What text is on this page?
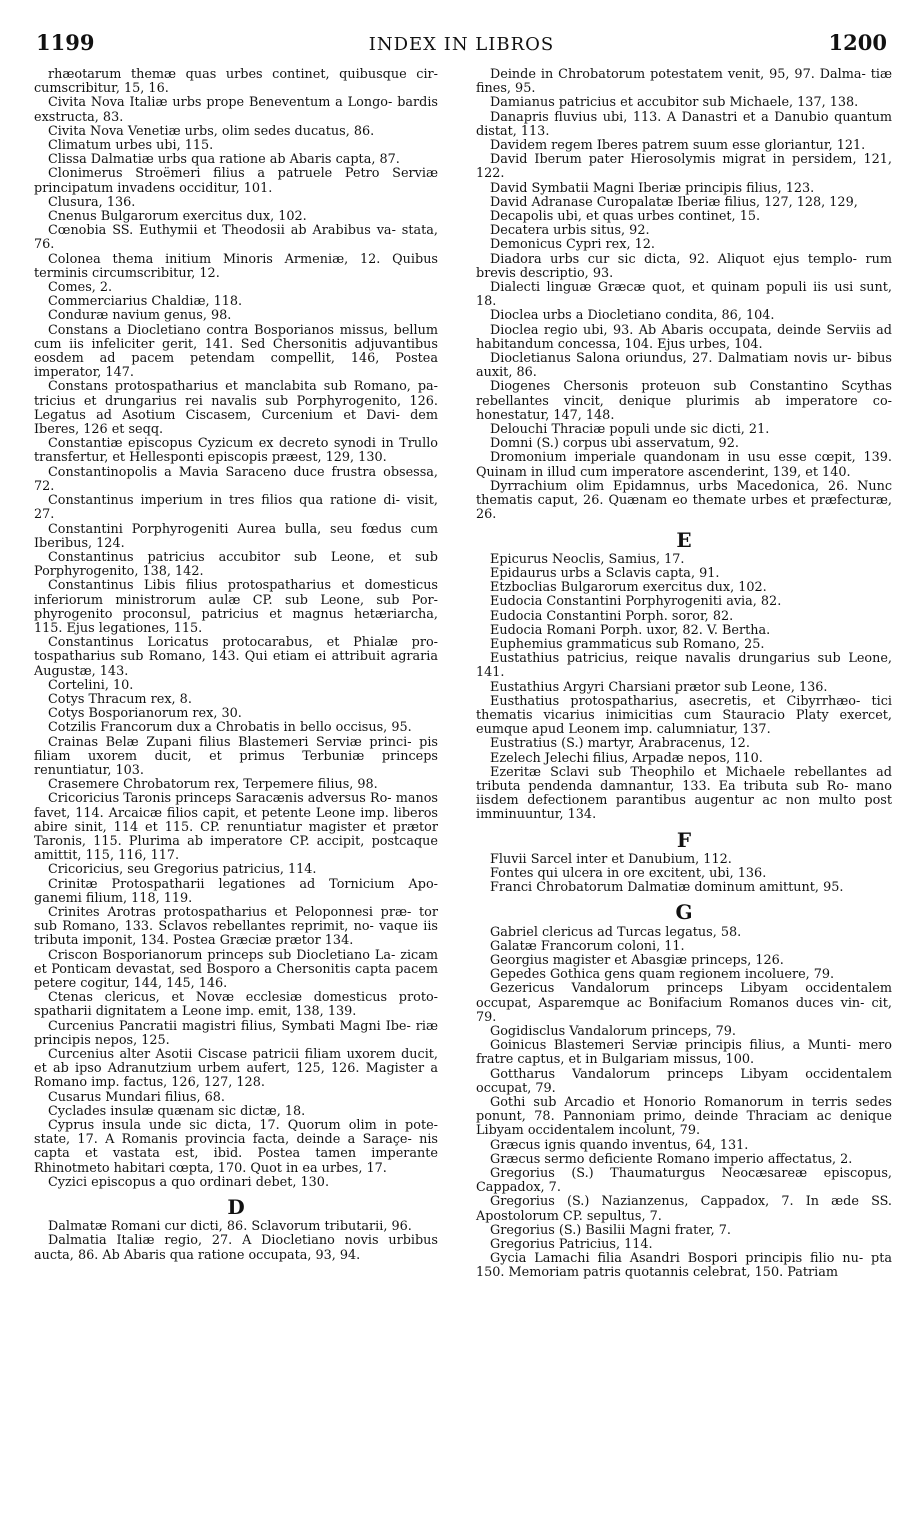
1199	INDEX IN LIBROS	1200

rhæotarum themæ quas urbes continet, quibusque cir- cumscribitur, 15, 16.

Civita Nova Italiæ urbs prope Beneventum a Longo- bardis exstructa, 83.

Civita Nova Venetiæ urbs, olim sedes ducatus, 86.

Climatum urbes ubi, 115.

Clissa Dalmatiæ urbs qua ratione ab Abaris capta, 87.

Clonimerus Stroëmeri filius a patruele Petro Serviæ principatum invadens occiditur, 101.

Clusura, 136.

Cnenus Bulgarorum exercitus dux, 102.

Cœnobia SS. Euthymii et Theodosii ab Arabibus va- stata, 76.

Colonea thema initium Minoris Armeniæ, 12. Quibus terminis circumscribitur, 12.

Comes, 2.

Commerciarius Chaldiæ, 118.

Conduræ navium genus, 98.

Constans a Diocletiano contra Bosporianos missus, bellum cum iis infeliciter gerit, 141. Sed Chersonitis adjuvantibus eosdem ad pacem petendam compellit, 146, Postea imperator, 147.

Constans protospatharius et manclabita sub Romano, pa- tricius et drungarius rei navalis sub Porphyrogenito, 126. Legatus ad Asotium Ciscasem, Curcenium et Davi- dem Iberes, 126 et seqq.

Constantiæ episcopus Cyzicum ex decreto synodi in Trullo transfertur, et Hellesponti episcopis præest, 129, 130.

Constantinopolis a Mavia Saraceno duce frustra obsessa, 72.

Constantinus imperium in tres filios qua ratione di- visit, 27.

Constantini Porphyrogeniti Aurea bulla, seu fœdus cum Iberibus, 124.

Constantinus patricius accubitor sub Leone, et sub Porphyrogenito, 138, 142.

Constantinus Libis filius protospatharius et domesticus inferiorum ministrorum aulæ CP. sub Leone, sub Por- phyrogenito proconsul, patricius et magnus hetæriarcha, 115. Ejus legationes, 115.

Constantinus Loricatus protocarabus, et Phialæ pro- tospatharius sub Romano, 143. Qui etiam ei attribuit agraria Augustæ, 143.

Cortelini, 10.

Cotys Thracum rex, 8.

Cotys Bosporianorum rex, 30.

Cotzilis Francorum dux a Chrobatis in bello occisus, 95.

Crainas Belæ Zupani filius Blastemeri Serviæ princi- pis filiam uxorem ducit, et primus Terbuniæ princeps renuntiatur, 103.

Crasemere Chrobatorum rex, Terpemere filius, 98.

Cricoricius Taronis princeps Saracænis adversus Ro- manos favet, 114. Arcaicæ filios capit, et petente Leone imp. liberos abire sinit, 114 et 115. CP. renuntiatur magister et prætor Taronis, 115. Plurima ab imperatore CP. accipit, postcaque amittit, 115, 116, 117.

Cricoricius, seu Gregorius patricius, 114.

Crinitæ Protospatharii legationes ad Tornicium Apo- ganemi filium, 118, 119.

Crinites Arotras protospatharius et Peloponnesi præ- tor sub Romano, 133. Sclavos rebellantes reprimit, no- vaque iis tributa imponit, 134. Postea Græciæ prætor 134.

Criscon Bosporianorum princeps sub Diocletiano La- zicam et Ponticam devastat, sed Bosporo a Chersonitis capta pacem petere cogitur, 144, 145, 146.

Ctenas clericus, et Novæ ecclesiæ domesticus proto- spatharii dignitatem a Leone imp. emit, 138, 139.

Curcenius Pancratii magistri filius, Symbati Magni Ibe- riæ principis nepos, 125.

Curcenius alter Asotii Ciscase patricii filiam uxorem ducit, et ab ipso Adranutzium urbem aufert, 125, 126. Magister a Romano imp. factus, 126, 127, 128.

Cusarus Mundari filius, 68.

Cyclades insulæ quænam sic dictæ, 18.

Cyprus insula unde sic dicta, 17. Quorum olim in pote- state, 17. A Romanis provincia facta, deinde a Saraçe- nis capta et vastata est, ibid. Postea tamen imperante Rhinotmeto habitari cœpta, 170. Quot in ea urbes, 17.

Cyzici episcopus a quo ordinari debet, 130.

D

Dalmatæ Romani cur dicti, 86. Sclavorum tributarii, 96.

Dalmatia Italiæ regio, 27. A Diocletiano novis urbibus aucta, 86. Ab Abaris qua ratione occupata, 93, 94.

Deinde in Chrobatorum potestatem venit, 95, 97. Dalma- tiæ fines, 95.

Damianus patricius et accubitor sub Michaele, 137, 138.

Danapris fluvius ubi, 113. A Danastri et a Danubio quantum distat, 113.

Davidem regem Iberes patrem suum esse gloriantur, 121.

David Iberum pater Hierosolymis migrat in persidem, 121, 122.

David Symbatii Magni Iberiæ principis filius, 123.

David Adranase Curopalatæ Iberiæ filius, 127, 128, 129,

Decapolis ubi, et quas urbes continet, 15.

Decatera urbis situs, 92.

Demonicus Cypri rex, 12.

Diadora urbs cur sic dicta, 92. Aliquot ejus templo- rum brevis descriptio, 93.

Dialecti linguæ Græcæ quot, et quinam populi iis usi sunt, 18.

Dioclea urbs a Diocletiano condita, 86, 104.

Dioclea regio ubi, 93. Ab Abaris occupata, deinde Serviis ad habitandum concessa, 104. Ejus urbes, 104.

Diocletianus Salona oriundus, 27. Dalmatiam novis ur- bibus auxit, 86.

Diogenes Chersonis proteuon sub Constantino Scythas rebellantes vincit, denique plurimis ab imperatore co- honestatur, 147, 148.

Delouchi Thraciæ populi unde sic dicti, 21.

Domni (S.) corpus ubi asservatum, 92.

Dromonium imperiale quandonam in usu esse cœpit, 139. Quinam in illud cum imperatore ascenderint, 139, et 140.

Dyrrachium olim Epidamnus, urbs Macedonica, 26. Nunc thematis caput, 26. Quænam eo themate urbes et præfecturæ, 26.

E

Epicurus Neoclis, Samius, 17.

Epidaurus urbs a Sclavis capta, 91.

Etzboclias Bulgarorum exercitus dux, 102.

Eudocia Constantini Porphyrogeniti avia, 82.

Eudocia Constantini Porph. soror, 82.

Eudocia Romani Porph. uxor, 82. V. Bertha.

Euphemius grammaticus sub Romano, 25.

Eustathius patricius, reique navalis drungarius sub Leone, 141.

Eustathius Argyri Charsiani prætor sub Leone, 136.

Eusthatius protospatharius, asecretis, et Cibyrrhæo- tici thematis vicarius inimicitias cum Stauracio Platy exercet, eumque apud Leonem imp. calumniatur, 137.

Eustratius (S.) martyr, Arabracenus, 12.

Ezelech Jelechi filius, Arpadæ nepos, 110.

Ezeritæ Sclavi sub Theophilo et Michaele rebellantes ad tributa pendenda damnantur, 133. Ea tributa sub Ro- mano iisdem defectionem parantibus augentur ac non multo post imminuuntur, 134.

F

Fluvii Sarcel inter et Danubium, 112.

Fontes qui ulcera in ore excitent, ubi, 136.

Franci Chrobatorum Dalmatiæ dominum amittunt, 95.

G

Gabriel clericus ad Turcas legatus, 58.

Galatæ Francorum coloni, 11.

Georgius magister et Abasgiæ princeps, 126.

Gepedes Gothica gens quam regionem incoluere, 79.

Gezericus Vandalorum princeps Libyam occidentalem occupat, Asparemque ac Bonifacium Romanos duces vin- cit, 79.

Gogidisclus Vandalorum princeps, 79.

Goinicus Blastemeri Serviæ principis filius, a Munti- mero fratre captus, et in Bulgariam missus, 100.

Gottharus Vandalorum princeps Libyam occidentalem occupat, 79.

Gothi sub Arcadio et Honorio Romanorum in terris sedes ponunt, 78. Pannoniam primo, deinde Thraciam ac denique Libyam occidentalem incolunt, 79.

Græcus ignis quando inventus, 64, 131.

Græcus sermo deficiente Romano imperio affectatus, 2.

Gregorius (S.) Thaumaturgus Neocæsareæ episcopus, Cappadox, 7.

Gregorius (S.) Nazianzenus, Cappadox, 7. In æde SS. Apostolorum CP. sepultus, 7.

Gregorius (S.) Basilii Magni frater, 7.

Gregorius Patricius, 114.

Gycia Lamachi filia Asandri Bospori principis filio nu- pta 150. Memoriam patris quotannis celebrat, 150. Patriam
